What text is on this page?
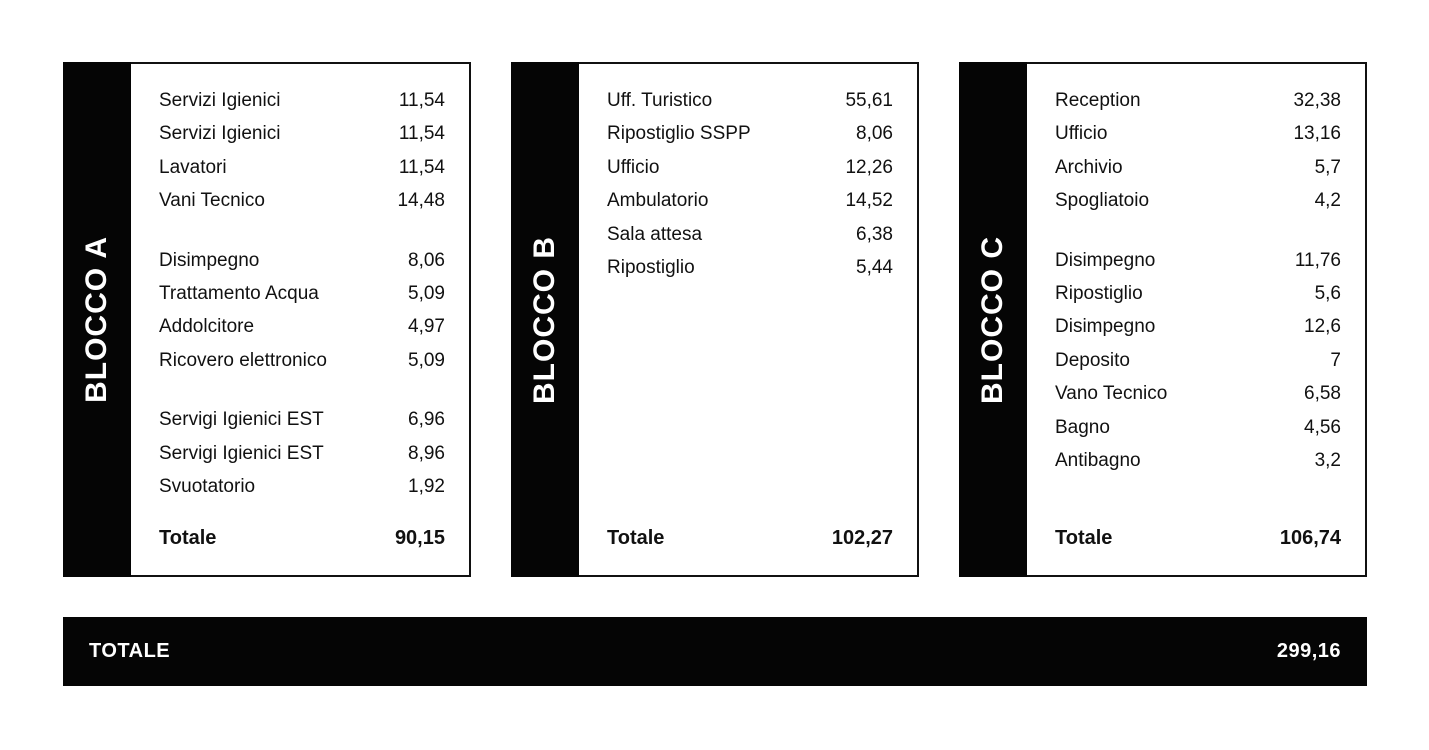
BLOCCO A
Servizi Igienici	11,54
Servizi Igienici	11,54
Lavatori	11,54
Vani Tecnico	14,48
Disimpegno	8,06
Trattamento Acqua	5,09
Addolcitore	4,97
Ricovero elettronico	5,09
Servigi Igienici EST	6,96
Servigi Igienici EST	8,96
Svuotatorio	1,92
Totale	90,15
BLOCCO B
Uff. Turistico	55,61
Ripostiglio SSPP	8,06
Ufficio	12,26
Ambulatorio	14,52
Sala attesa	6,38
Ripostiglio	5,44
Totale	102,27
BLOCCO C
Reception	32,38
Ufficio	13,16
Archivio	5,7
Spogliatoio	4,2
Disimpegno	11,76
Ripostiglio	5,6
Disimpegno	12,6
Deposito	7
Vano Tecnico	6,58
Bagno	4,56
Antibagno	3,2
Totale	106,74
TOTALE	299,16
